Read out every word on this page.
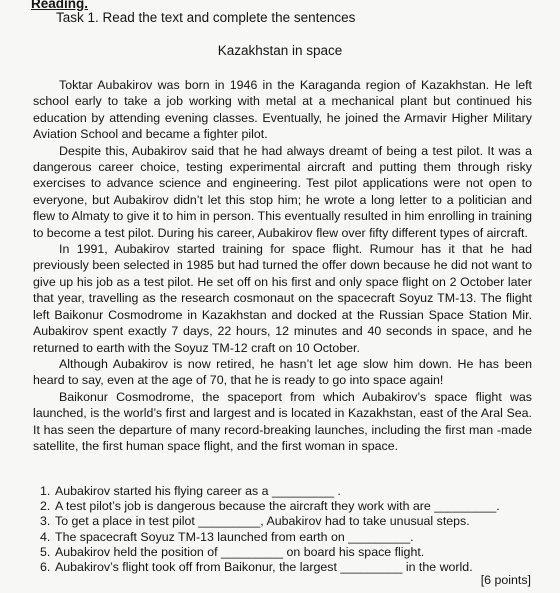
Reading.
Task 1. Read the text and complete the sentences
Kazakhstan in space

Toktar Aubakirov was born in 1946 in the Karaganda region of Kazakhstan. He left school early to take a job working with metal at a mechanical plant but continued his education by attending evening classes. Eventually, he joined the Armavir Higher Military Aviation School and became a fighter pilot.

Despite this, Aubakirov said that he had always dreamt of being a test pilot. It was a dangerous career choice, testing experimental aircraft and putting them through risky exercises to advance science and engineering. Test pilot applications were not open to everyone, but Aubakirov didn’t let this stop him; he wrote a long letter to a politician and flew to Almaty to give it to him in person. This eventually resulted in him enrolling in training to become a test pilot. During his career, Aubakirov flew over fifty different types of aircraft.

In 1991, Aubakirov started training for space flight. Rumour has it that he had previously been selected in 1985 but had turned the offer down because he did not want to give up his job as a test pilot. He set off on his first and only space flight on 2 October later that year, travelling as the research cosmonaut on the spacecraft Soyuz TM-13. The flight left Baikonur Cosmodrome in Kazakhstan and docked at the Russian Space Station Mir. Aubakirov spent exactly 7 days, 22 hours, 12 minutes and 40 seconds in space, and he returned to earth with the Soyuz TM-12 craft on 10 October.

Although Aubakirov is now retired, he hasn’t let age slow him down. He has been heard to say, even at the age of 70, that he is ready to go into space again!

Baikonur Cosmodrome, the spaceport from which Aubakirov’s space flight was launched, is the world’s first and largest and is located in Kazakhstan, east of the Aral Sea. It has seen the departure of many record-breaking launches, including the first man -made satellite, the first human space flight, and the first woman in space.

1. Aubakirov started his flying career as a _________ .
2. A test pilot’s job is dangerous because the aircraft they work with are _________.
3. To get a place in test pilot _________, Aubakirov had to take unusual steps.
4. The spacecraft Soyuz TM-13 launched from earth on _________.
5. Aubakirov held the position of _________ on board his space flight.
6. Aubakirov’s flight took off from Baikonur, the largest _________ in the world.
[6 points]
